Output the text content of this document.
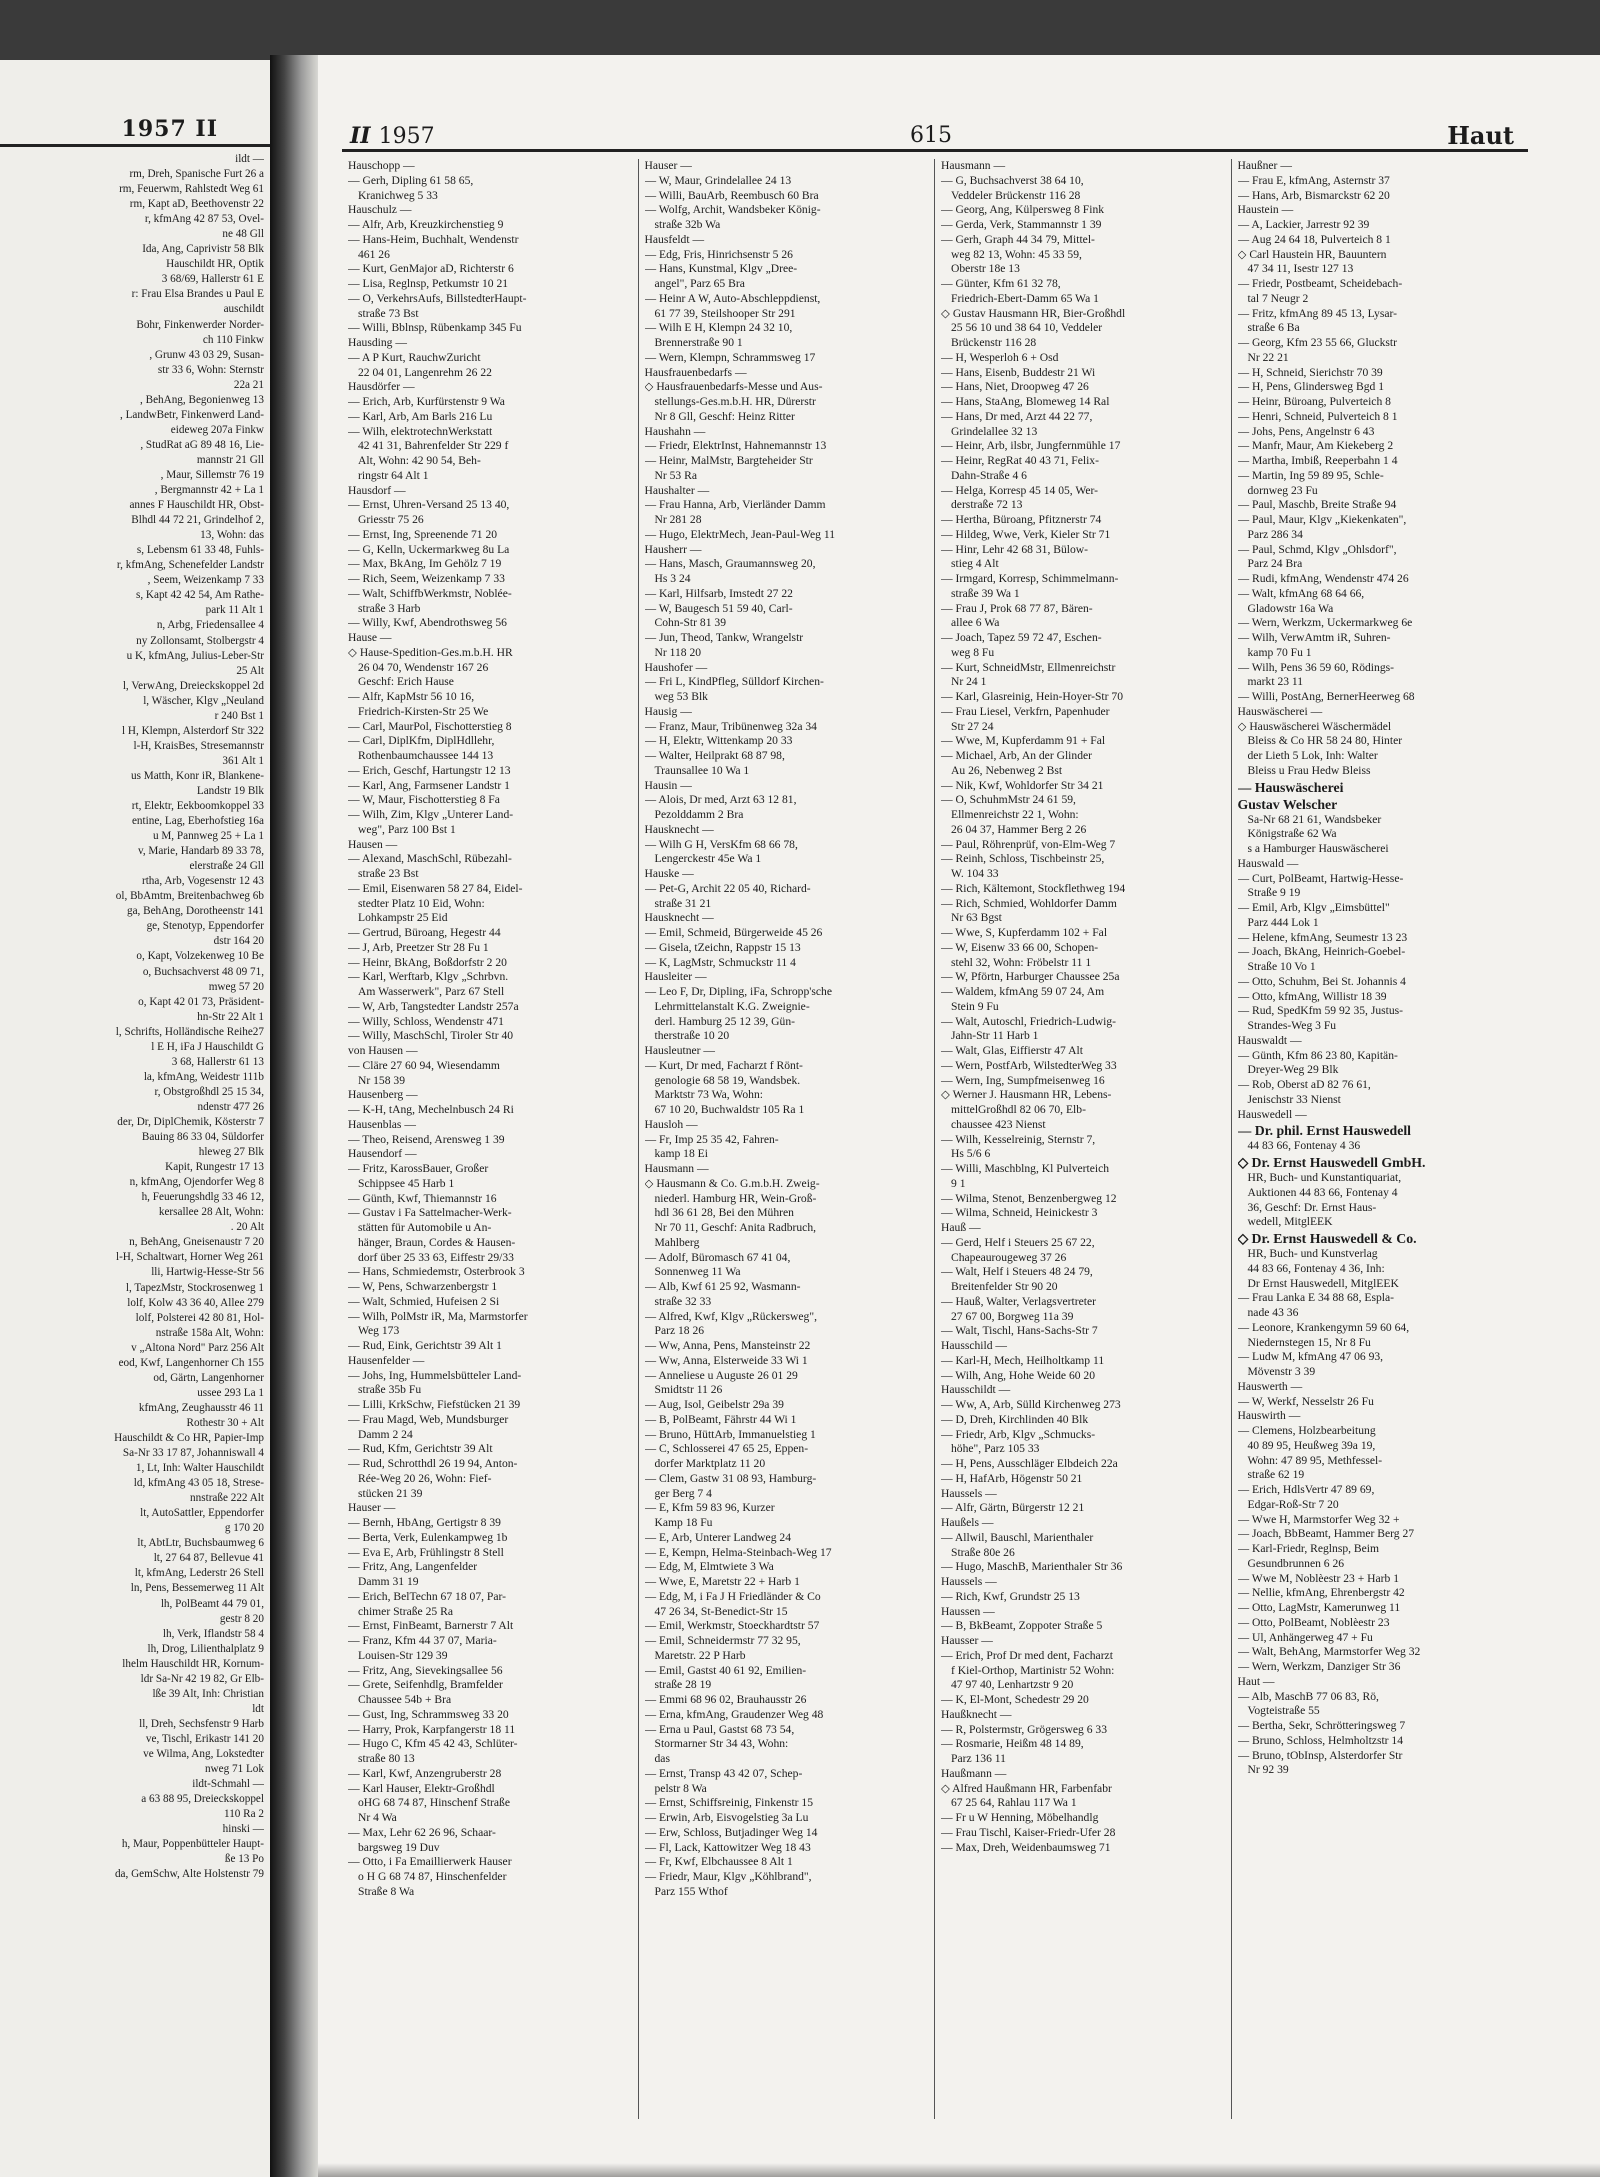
1957 II
ildt —
rm, Dreh, Spanische Furt 26 a
rm, Feuerwm, Rahlstedt Weg 61
rm, Kapt aD, Beethovenstr 22
r, kfmAng 42 87 53, Ovel-
ne 48 Gll
Ida, Ang, Caprivistr 58 Blk
Hauschildt HR, Optik
3 68/69, Hallerstr 61 E
r: Frau Elsa Brandes u Paul E
auschildt
Bohr, Finkenwerder Norder-
ch 110 Finkw
, Grunw 43 03 29, Susan-
str 33 6, Wohn: Sternstr
22a 21
, BehAng, Begonienweg 13
, LandwBetr, Finkenwerd Land-
eideweg 207a Finkw
, StudRat aG 89 48 16, Lie-
mannstr 21 Gll
, Maur, Sillemstr 76 19
, Bergmannstr 42 + La 1
annes F Hauschildt HR, Obst-
Blhdl 44 72 21, Grindelhof 2,
13, Wohn: das
s, Lebensm 61 33 48, Fuhls-
r, kfmAng, Schenefelder Landstr
, Seem, Weizenkamp 7 33
s, Kapt 42 42 54, Am Rathe-
park 11 Alt 1
n, Arbg, Friedensallee 4
ny Zollonsamt, Stolbergstr 4
u K, kfmAng, Julius-Leber-Str
25 Alt
l, VerwAng, Dreieckskoppel 2d
l, Wäscher, Klgv „Neuland
r 240 Bst 1
l H, Klempn, Alsterdorf Str 322
l-H, KraisBes, Stresemannstr
361 Alt 1
us Matth, Konr iR, Blankene-
Landstr 19 Blk
rt, Elektr, Eekboomkoppel 33
entine, Lag, Eberhofstieg 16a
u M, Pannweg 25 + La 1
v, Marie, Handarb 89 33 78,
elerstraße 24 Gll
rtha, Arb, Vogesenstr 12 43
ol, BbAmtm, Breitenbachweg 6b
ga, BehAng, Dorotheenstr 141
ge, Stenotyp, Eppendorfer
dstr 164 20
o, Kapt, Volzekenweg 10 Be
o, Buchsachverst 48 09 71,
mweg 57 20
o, Kapt 42 01 73, Präsident-
hn-Str 22 Alt 1
l, Schrifts, Holländische Reihe27
l E H, iFa J Hauschildt G
3 68, Hallerstr 61 13
la, kfmAng, Weidestr 111b
r, Obstgroßhdl 25 15 34,
ndenstr 477 26
der, Dr, DiplChemik, Kösterstr 7
Bauing 86 33 04, Süldorfer
hleweg 27 Blk
Kapit, Rungestr 17 13
n, kfmAng, Ojendorfer Weg 8
h, Feuerungshdlg 33 46 12,
kersallee 28 Alt, Wohn:
. 20 Alt
n, BehAng, Gneisenaustr 7 20
l-H, Schaltwart, Horner Weg 261
lli, Hartwig-Hesse-Str 56
l, TapezMstr, Stockrosenweg 1
lolf, Kolw 43 36 40, Allee 279
lolf, Polsterei 42 80 81, Hol-
nstraße 158a Alt, Wohn:
v „Altona Nord" Parz 256 Alt
eod, Kwf, Langenhorner Ch 155
od, Gärtn, Langenhorner
ussee 293 La 1
kfmAng, Zeughausstr 46 11
Rothestr 30 + Alt
Hauschildt & Co HR, Papier-Imp
Sa-Nr 33 17 87, Johanniswall 4
1, Lt, Inh: Walter Hauschildt
ld, kfmAng 43 05 18, Strese-
nnstraße 222 Alt
lt, AutoSattler, Eppendorfer
g 170 20
lt, AbtLtr, Buchsbaumweg 6
lt, 27 64 87, Bellevue 41
lt, kfmAng, Lederstr 26 Stell
ln, Pens, Bessemerweg 11 Alt
lh, PolBeamt 44 79 01,
gestr 8 20
lh, Verk, Iflandstr 58 4
lh, Drog, Lilienthalplatz 9
lhelm Hauschildt HR, Kornum-
ldr Sa-Nr 42 19 82, Gr Elb-
lße 39 Alt, Inh: Christian
ldt
ll, Dreh, Sechsfenstr 9 Harb
ve, Tischl, Erikastr 141 20
ve Wilma, Ang, Lokstedter
nweg 71 Lok
ildt-Schmahl —
a 63 88 95, Dreieckskoppel
110 Ra 2
hinski —
h, Maur, Poppenbütteler Haupt-
ße 13 Po
da, GemSchw, Alte Holstenstr 79
II 1957	615	Haut
Hauschopp —
— Gerh, Dipling 61 58 65,
Kranichweg 5 33
Hauschulz —
— Alfr, Arb, Kreuzkirchenstieg 9
— Hans-Heim, Buchhalt, Wendenstr
461 26
— Kurt, GenMajor aD, Richterstr 6
— Lisa, Reglnsp, Petkumstr 10 21
— O, VerkehrsAufs, BillstedterHaupt-
straße 73 Bst
— Willi, Bblnsp, Rübenkamp 345 Fu
Hausding —
— A P Kurt, RauchwZuricht
22 04 01, Langenrehm 26 22
Hausdörfer —
— Erich, Arb, Kurfürstenstr 9 Wa
— Karl, Arb, Am Barls 216 Lu
— Wilh, elektrotechnWerkstatt
42 41 31, Bahrenfelder Str 229 f
Alt, Wohn: 42 90 54, Beh-
ringstr 64 Alt 1
Hausdorf —
— Ernst, Uhren-Versand 25 13 40,
Griesstr 75 26
— Ernst, Ing, Spreenende 71 20
— G, Kelln, Uckermarkweg 8u La
— Max, BkAng, Im Gehölz 7 19
— Rich, Seem, Weizenkamp 7 33
— Walt, SchiffbWerkmstr, Noblée-
straße 3 Harb
— Willy, Kwf, Abendrothsweg 56
Hause —
◇ Hause-Spedition-Ges.m.b.H. HR
26 04 70, Wendenstr 167 26
Geschf: Erich Hause
— Alfr, KapMstr 56 10 16,
Friedrich-Kirsten-Str 25 We
— Carl, MaurPol, Fischotterstieg 8
— Carl, DiplKfm, DiplHdllehr,
Rothenbaumchaussee 144 13
— Erich, Geschf, Hartungstr 12 13
— Karl, Ang, Farmsener Landstr 1
— W, Maur, Fischotterstieg 8 Fa
— Wilh, Zim, Klgv „Unterer Land-
weg", Parz 100 Bst 1
Hausen —
— Alexand, MaschSchl, Rübezahl-
straße 23 Bst
— Emil, Eisenwaren 58 27 84, Eidel-
stedter Platz 10 Eid, Wohn:
Lohkampstr 25 Eid
— Gertrud, Büroang, Hegestr 44
— J, Arb, Preetzer Str 28 Fu 1
— Heinr, BkAng, Boßdorfstr 2 20
— Karl, Werftarb, Klgv „Schrbvn.
Am Wasserwerk", Parz 67 Stell
— W, Arb, Tangstedter Landstr 257a
— Willy, Schloss, Wendenstr 471
— Willy, MaschSchl, Tiroler Str 40
von Hausen —
— Cläre 27 60 94, Wiesendamm
Nr 158 39
Hausenberg —
— K-H, tAng, Mechelnbusch 24 Ri
Hausenblas —
— Theo, Reisend, Arensweg 1 39
Hausendorf —
— Fritz, KarossBauer, Großer
Schippsee 45 Harb 1
— Günth, Kwf, Thiemannstr 16
— Gustav i Fa Sattelmacher-Werk-
stätten für Automobile u An-
hänger, Braun, Cordes & Hausen-
dorf über 25 33 63, Eiffestr 29/33
— Hans, Schmiedemstr, Osterbrook 3
— W, Pens, Schwarzenbergstr 1
— Walt, Schmied, Hufeisen 2 Si
— Wilh, PolMstr iR, Ma, Marmstorfer
Weg 173
— Rud, Eink, Gerichtstr 39 Alt 1
Hausenfelder —
— Johs, Ing, Hummelsbütteler Land-
straße 35b Fu
— Lilli, KrkSchw, Fiefstücken 21 39
— Frau Magd, Web, Mundsburger
Damm 2 24
— Rud, Kfm, Gerichtstr 39 Alt
— Rud, Schrotthdl 26 19 94, Anton-
Rée-Weg 20 26, Wohn: Fief-
stücken 21 39
Hauser —
— Bernh, HbAng, Gertigstr 8 39
— Berta, Verk, Eulenkampweg 1b
— Eva E, Arb, Frühlingstr 8 Stell
— Fritz, Ang, Langenfelder
Damm 31 19
— Erich, BelTechn 67 18 07, Par-
chimer Straße 25 Ra
— Ernst, FinBeamt, Barnerstr 7 Alt
— Franz, Kfm 44 37 07, Maria-
Louisen-Str 129 39
— Fritz, Ang, Sievekingsallee 56
— Grete, Seifenhdlg, Bramfelder
Chaussee 54b + Bra
— Gust, Ing, Schrammsweg 33 20
— Harry, Prok, Karpfangerstr 18 11
— Hugo C, Kfm 45 42 43, Schlüter-
straße 80 13
— Karl, Kwf, Anzengruberstr 28
— Karl Hauser, Elektr-Großhdl
oHG 68 74 87, Hinschenf Straße
Nr 4 Wa
— Max, Lehr 62 26 96, Schaar-
bargsweg 19 Duv
— Otto, i Fa Emaillierwerk Hauser
o H G 68 74 87, Hinschenfelder
Straße 8 Wa
Hauser —
— W, Maur, Grindelallee 24 13
— Willi, BauArb, Reembusch 60 Bra
— Wolfg, Archit, Wandsbeker König-
straße 32b Wa
Hausfeldt —
— Edg, Fris, Hinrichsenstr 5 26
— Hans, Kunstmal, Klgv „Dree-
angel", Parz 65 Bra
— Heinr A W, Auto-Abschleppdienst,
61 77 39, Steilshooper Str 291
— Wilh E H, Klempn 24 32 10,
Brennerstraße 90 1
— Wern, Klempn, Schrammsweg 17
Hausfrauenbedarfs —
◇ Hausfrauenbedarfs-Messe und Aus-
stellungs-Ges.m.b.H. HR, Dürerstr
Nr 8 Gll, Geschf: Heinz Ritter
Haushahn —
— Friedr, ElektrInst, Hahnemannstr 13
— Heinr, MalMstr, Bargteheider Str
Nr 53 Ra
Haushalter —
— Frau Hanna, Arb, Vierländer Damm
Nr 281 28
— Hugo, ElektrMech, Jean-Paul-Weg 11
Hausherr —
— Hans, Masch, Graumannsweg 20,
Hs 3 24
— Karl, Hilfsarb, Imstedt 27 22
— W, Baugesch 51 59 40, Carl-
Cohn-Str 81 39
— Jun, Theod, Tankw, Wrangelstr
Nr 118 20
Haushofer —
— Fri L, KindPfleg, Sülldorf Kirchen-
weg 53 Blk
Hausig —
— Franz, Maur, Tribünenweg 32a 34
— H, Elektr, Wittenkamp 20 33
— Walter, Heilprakt 68 87 98,
Traunsallee 10 Wa 1
Hausin —
— Alois, Dr med, Arzt 63 12 81,
Pezolddamm 2 Bra
Hausknecht —
— Wilh G H, VersKfm 68 66 78,
Lengerckestr 45e Wa 1
Hauske —
— Pet-G, Archit 22 05 40, Richard-
straße 31 21
Hausknecht —
— Emil, Schmeid, Bürgerweide 45 26
— Gisela, tZeichn, Rappstr 15 13
— K, LagMstr, Schmuckstr 11 4
Hausleiter —
— Leo F, Dr, Dipling, iFa, Schropp'sche
Lehrmittelanstalt K.G. Zweignie-
derl. Hamburg 25 12 39, Gün-
therstraße 10 20
Hausleutner —
— Kurt, Dr med, Facharzt f Rönt-
genologie 68 58 19, Wandsbek.
Marktstr 73 Wa, Wohn:
67 10 20, Buchwaldstr 105 Ra 1
Hausloh —
— Fr, Imp 25 35 42, Fahren-
kamp 18 Ei
Hausmann —
◇ Hausmann & Co. G.m.b.H. Zweig-
niederl. Hamburg HR, Wein-Groß-
hdl 36 61 28, Bei den Mühren
Nr 70 11, Geschf: Anita Radbruch,
Mahlberg
— Adolf, Büromasch 67 41 04,
Sonnenweg 11 Wa
— Alb, Kwf 61 25 92, Wasmann-
straße 32 33
— Alfred, Kwf, Klgv „Rückersweg",
Parz 18 26
— Ww, Anna, Pens, Mansteinstr 22
— Ww, Anna, Elsterweide 33 Wi 1
— Anneliese u Auguste 26 01 29
Smidtstr 11 26
— Aug, Isol, Geibelstr 29a 39
— B, PolBeamt, Fährstr 44 Wi 1
— Bruno, HüttArb, Immanuelstieg 1
— C, Schlosserei 47 65 25, Eppen-
dorfer Marktplatz 11 20
— Clem, Gastw 31 08 93, Hamburg-
ger Berg 7 4
— E, Kfm 59 83 96, Kurzer
Kamp 18 Fu
— E, Arb, Unterer Landweg 24
— E, Kempn, Helma-Steinbach-Weg 17
— Edg, M, Elmtwiete 3 Wa
— Wwe, E, Maretstr 22 + Harb 1
— Edg, M, i Fa J H Friedländer & Co
47 26 34, St-Benedict-Str 15
— Emil, Werkmstr, Stoeckhardtstr 57
— Emil, Schneidermstr 77 32 95,
Maretstr. 22 P Harb
— Emil, Gastst 40 61 92, Emilien-
straße 28 19
— Emmi 68 96 02, Brauhausstr 26
— Erna, kfmAng, Graudenzer Weg 48
— Erna u Paul, Gastst 68 73 54,
Stormarner Str 34 43, Wohn:
das
— Ernst, Transp 43 42 07, Schep-
pelstr 8 Wa
— Ernst, Schiffsreinig, Finkenstr 15
— Erwin, Arb, Eisvogelstieg 3a Lu
— Erw, Schloss, Butjadinger Weg 14
— Fl, Lack, Kattowitzer Weg 18 43
— Fr, Kwf, Elbchaussee 8 Alt 1
— Friedr, Maur, Klgv „Köhlbrand",
Parz 155 Wthof
Hausmann —
— G, Buchsachverst 38 64 10,
Veddeler Brückenstr 116 28
— Georg, Ang, Külpersweg 8 Fink
— Gerda, Verk, Stammannstr 1 39
— Gerh, Graph 44 34 79, Mittel-
weg 82 13, Wohn: 45 33 59,
Oberstr 18e 13
— Günter, Kfm 61 32 78,
Friedrich-Ebert-Damm 65 Wa 1
◇ Gustav Hausmann HR, Bier-Großhdl
25 56 10 und 38 64 10, Veddeler
Brückenstr 116 28
— H, Wesperloh 6 + Osd
— Hans, Eisenb, Buddestr 21 Wi
— Hans, Niet, Droopweg 47 26
— Hans, StaAng, Blomeweg 14 Ral
— Hans, Dr med, Arzt 44 22 77,
Grindelallee 32 13
— Heinr, Arb, ilsbr, Jungfernmühle 17
— Heinr, RegRat 40 43 71, Felix-
Dahn-Straße 4 6
— Helga, Korresp 45 14 05, Wer-
derstraße 72 13
— Hertha, Büroang, Pfitznerstr 74
— Hildeg, Wwe, Verk, Kieler Str 71
— Hinr, Lehr 42 68 31, Bülow-
stieg 4 Alt
— Irmgard, Korresp, Schimmelmann-
straße 39 Wa 1
— Frau J, Prok 68 77 87, Bären-
allee 6 Wa
— Joach, Tapez 59 72 47, Eschen-
weg 8 Fu
— Kurt, SchneidMstr, Ellmenreichstr
Nr 24 1
— Karl, Glasreinig, Hein-Hoyer-Str 70
— Frau Liesel, Verkfrn, Papenhuder
Str 27 24
— Wwe, M, Kupferdamm 91 + Fal
— Michael, Arb, An der Glinder
Au 26, Nebenweg 2 Bst
— Nik, Kwf, Wohldorfer Str 34 21
— O, SchuhmMstr 24 61 59,
Ellmenreichstr 22 1, Wohn:
26 04 37, Hammer Berg 2 26
— Paul, Röhrenprüf, von-Elm-Weg 7
— Reinh, Schloss, Tischbeinstr 25,
W. 104 33
— Rich, Kältemont, Stockflethweg 194
— Rich, Schmied, Wohldorfer Damm
Nr 63 Bgst
— Wwe, S, Kupferdamm 102 + Fal
— W, Eisenw 33 66 00, Schopen-
stehl 32, Wohn: Fröbelstr 11 1
— W, Pförtn, Harburger Chaussee 25a
— Waldem, kfmAng 59 07 24, Am
Stein 9 Fu
— Walt, Autoschl, Friedrich-Ludwig-
Jahn-Str 11 Harb 1
— Walt, Glas, Eiffierstr 47 Alt
— Wern, PostfArb, WilstedterWeg 33
— Wern, Ing, Sumpfmeisenweg 16
◇ Werner J. Hausmann HR, Lebens-
mittelGroßhdl 82 06 70, Elb-
chaussee 423 Nienst
— Wilh, Kesselreinig, Sternstr 7,
Hs 5/6 6
— Willi, Maschblng, Kl Pulverteich
9 1
— Wilma, Stenot, Benzenbergweg 12
— Wilma, Schneid, Heinickestr 3
Hauß —
— Gerd, Helf i Steuers 25 67 22,
Chapeaurougeweg 37 26
— Walt, Helf i Steuers 48 24 79,
Breitenfelder Str 90 20
— Hauß, Walter, Verlagsvertreter
27 67 00, Borgweg 11a 39
— Walt, Tischl, Hans-Sachs-Str 7
Hausschild —
— Karl-H, Mech, Heilholtkamp 11
— Wilh, Ang, Hohe Weide 60 20
Hausschildt —
— Ww, A, Arb, Sülld Kirchenweg 273
— D, Dreh, Kirchlinden 40 Blk
— Friedr, Arb, Klgv „Schmucks-
höhe", Parz 105 33
— H, Pens, Ausschläger Elbdeich 22a
— H, HafArb, Högenstr 50 21
Haussels —
— Alfr, Gärtn, Bürgerstr 12 21
Haußels —
— Allwil, Bauschl, Marienthaler
Straße 80e 26
— Hugo, MaschB, Marienthaler Str 36
Haussels —
— Rich, Kwf, Grundstr 25 13
Haussen —
— B, BkBeamt, Zoppoter Straße 5
Hausser —
— Erich, Prof Dr med dent, Facharzt
f Kiel-Orthop, Martinistr 52 Wohn:
47 97 40, Lenhartzstr 9 20
— K, El-Mont, Schedestr 29 20
Haußknecht —
— R, Polstermstr, Grögersweg 6 33
— Rosmarie, Heißm 48 14 89,
Parz 136 11
Haußmann —
◇ Alfred Haußmann HR, Farbenfabr
67 25 64, Rahlau 117 Wa 1
— Fr u W Henning, Möbelhandlg
— Frau Tischl, Kaiser-Friedr-Ufer 28
— Max, Dreh, Weidenbaumsweg 71
Haußner —
— Frau E, kfmAng, Asternstr 37
— Hans, Arb, Bismarckstr 62 20
Haustein —
— A, Lackier, Jarrestr 92 39
— Aug 24 64 18, Pulverteich 8 1
◇ Carl Haustein HR, Bauuntern
47 34 11, Isestr 127 13
— Friedr, Postbeamt, Scheidebach-
tal 7 Neugr 2
— Fritz, kfmAng 89 45 13, Lysar-
straße 6 Ba
— Georg, Kfm 23 55 66, Gluckstr
Nr 22 21
— H, Schneid, Sierichstr 70 39
— H, Pens, Glindersweg Bgd 1
— Heinr, Büroang, Pulverteich 8
— Henri, Schneid, Pulverteich 8 1
— Johs, Pens, Angelnstr 6 43
— Manfr, Maur, Am Kiekeberg 2
— Martha, Imbiß, Reeperbahn 1 4
— Martin, Ing 59 89 95, Schle-
dornweg 23 Fu
— Paul, Maschb, Breite Straße 94
— Paul, Maur, Klgv „Kiekenkaten",
Parz 286 34
— Paul, Schmd, Klgv „Ohlsdorf",
Parz 24 Bra
— Rudi, kfmAng, Wendenstr 474 26
— Walt, kfmAng 68 64 66,
Gladowstr 16a Wa
— Wern, Werkzm, Uckermarkweg 6e
— Wilh, VerwAmtm iR, Suhren-
kamp 70 Fu 1
— Wilh, Pens 36 59 60, Rödings-
markt 23 11
— Willi, PostAng, BernerHeerweg 68
Hauswäscherei —
◇ Hauswäscherei Wäschermädel
Bleiss & Co HR 58 24 80, Hinter
der Lieth 5 Lok, Inh: Walter
Bleiss u Frau Hedw Bleiss
— Hauswäscherei
Gustav Welscher
Sa-Nr 68 21 61, Wandsbeker
Königstraße 62 Wa
s a Hamburger Hauswäscherei
Hauswald —
— Curt, PolBeamt, Hartwig-Hesse-
Straße 9 19
— Emil, Arb, Klgv „Eimsbüttel"
Parz 444 Lok 1
— Helene, kfmAng, Seumestr 13 23
— Joach, BkAng, Heinrich-Goebel-
Straße 10 Vo 1
— Otto, Schuhm, Bei St. Johannis 4
— Otto, kfmAng, Willistr 18 39
— Rud, SpedKfm 59 92 35, Justus-
Strandes-Weg 3 Fu
Hauswaldt —
— Günth, Kfm 86 23 80, Kapitän-
Dreyer-Weg 29 Blk
— Rob, Oberst aD 82 76 61,
Jenischstr 33 Nienst
Hauswedell —
— Dr. phil. Ernst Hauswedell
44 83 66, Fontenay 4 36
◇ Dr. Ernst Hauswedell GmbH.
HR, Buch- und Kunstantiquariat,
Auktionen 44 83 66, Fontenay 4
36, Geschf: Dr. Ernst Haus-
wedell, MitglEEK
◇ Dr. Ernst Hauswedell & Co.
HR, Buch- und Kunstverlag
44 83 66, Fontenay 4 36, Inh:
Dr Ernst Hauswedell, MitglEEK
— Frau Lanka E 34 88 68, Espla-
nade 43 36
— Leonore, Krankengymn 59 60 64,
Niedernstegen 15, Nr 8 Fu
— Ludw M, kfmAng 47 06 93,
Mövenstr 3 39
Hauswerth —
— W, Werkf, Nesselstr 26 Fu
Hauswirth —
— Clemens, Holzbearbeitung
40 89 95, Heußweg 39a 19,
Wohn: 47 89 95, Methfessel-
straße 62 19
— Erich, HdlsVertr 47 89 69,
Edgar-Roß-Str 7 20
— Wwe H, Marmstorfer Weg 32 +
— Joach, BbBeamt, Hammer Berg 27
— Karl-Friedr, Reglnsp, Beim
Gesundbrunnen 6 26
— Wwe M, Noblèestr 23 + Harb 1
— Nellie, kfmAng, Ehrenbergstr 42
— Otto, LagMstr, Kamerunweg 11
— Otto, PolBeamt, Noblèestr 23
— Ul, Anhängerweg 47 + Fu
— Walt, BehAng, Marmstorfer Weg 32
— Wern, Werkzm, Danziger Str 36
Haut —
— Alb, MaschB 77 06 83, Rö,
Vogteistraße 55
— Bertha, Sekr, Schrötteringsweg 7
— Bruno, Schloss, Helmholtzstr 14
— Bruno, tObInsp, Alsterdorfer Str
Nr 92 39
